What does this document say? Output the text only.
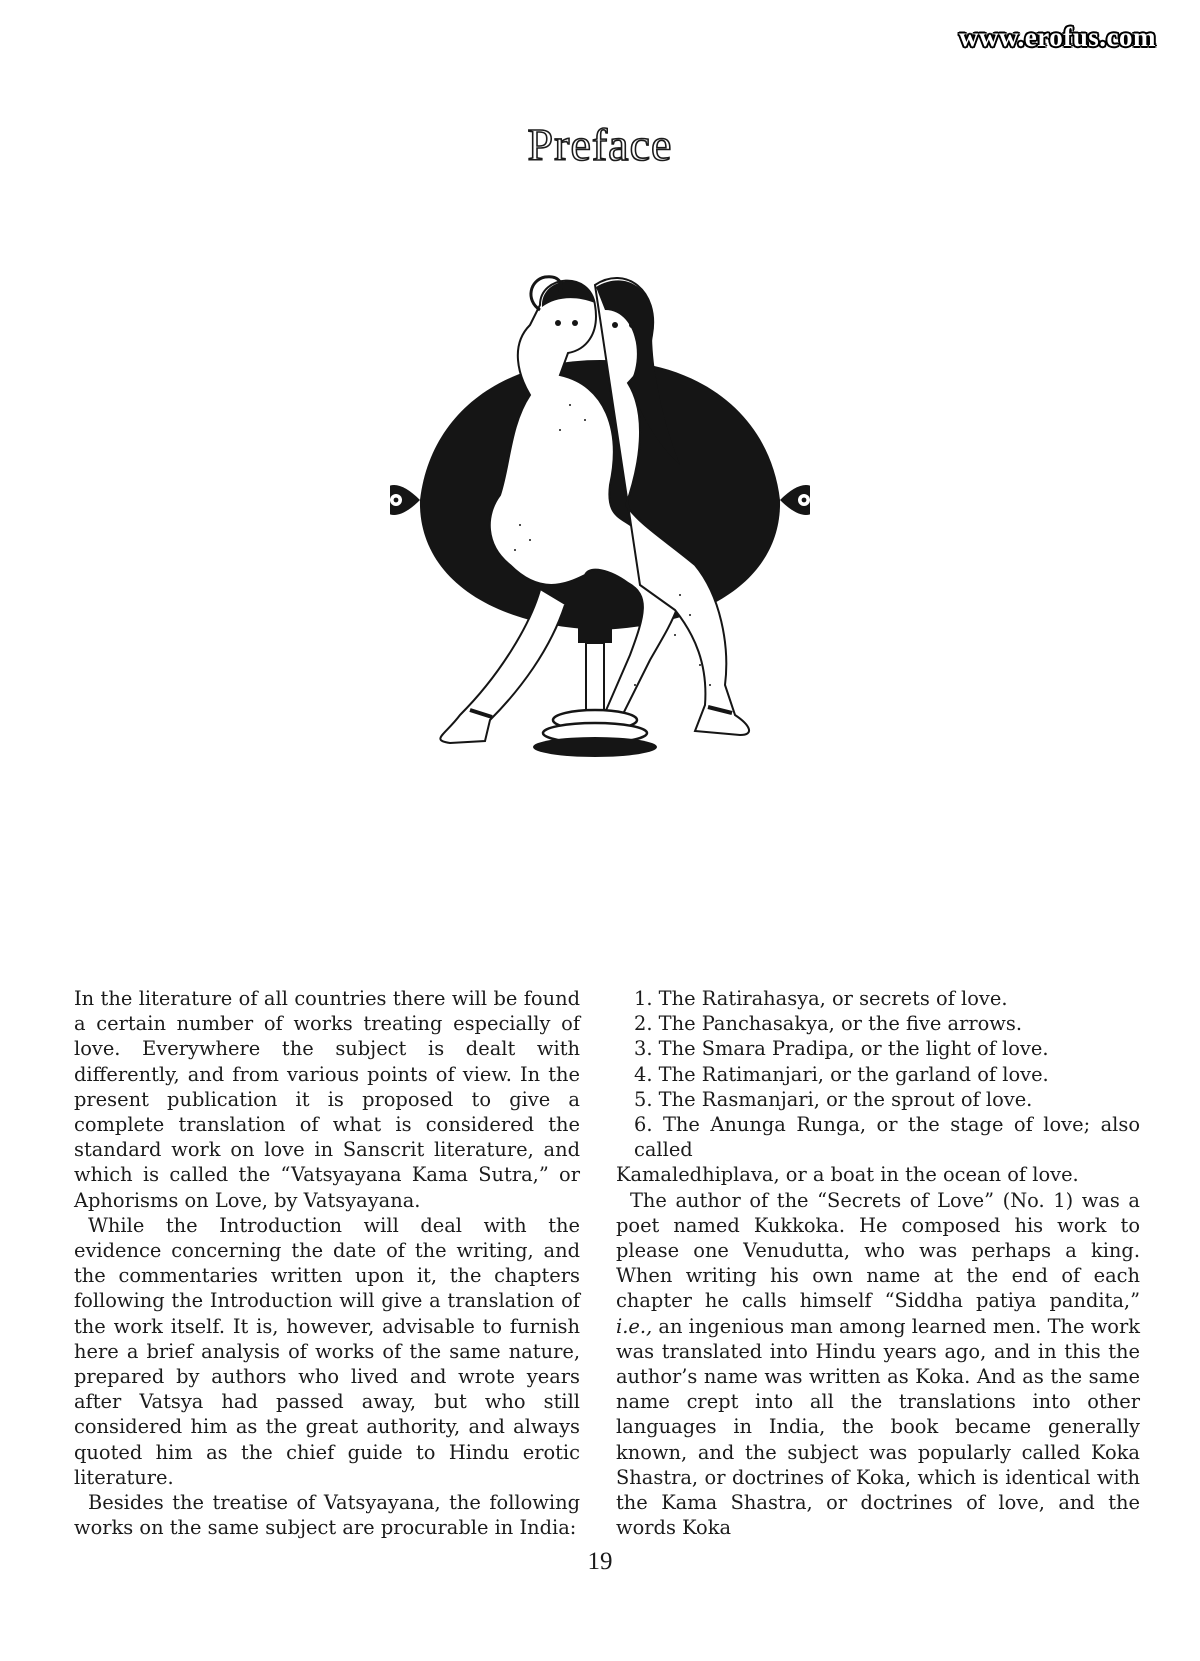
www.erofus.com
Preface

In the literature of all countries there will be found a certain number of works treating especially of love. Everywhere the subject is dealt with differently, and from various points of view. In the present publication it is proposed to give a complete translation of what is considered the standard work on love in Sanscrit literature, and which is called the “Vatsyayana Kama Sutra,” or Aphorisms on Love, by Vatsyayana.

While the Introduction will deal with the evidence concerning the date of the writing, and the commentaries written upon it, the chapters following the Introduction will give a translation of the work itself. It is, however, advisable to furnish here a brief analysis of works of the same nature, prepared by authors who lived and wrote years after Vatsya had passed away, but who still considered him as the great authority, and always quoted him as the chief guide to Hindu erotic literature.

Besides the treatise of Vatsyayana, the following works on the same subject are procurable in India:

1. The Ratirahasya, or secrets of love.
2. The Panchasakya, or the five arrows.
3. The Smara Pradipa, or the light of love.
4. The Ratimanjari, or the garland of love.
5. The Rasmanjari, or the sprout of love.
6. The Anunga Runga, or the stage of love; also called

Kamaledhiplava, or a boat in the ocean of love.

The author of the “Secrets of Love” (No. 1) was a poet named Kukkoka. He composed his work to please one Venudutta, who was perhaps a king. When writing his own name at the end of each chapter he calls himself “Siddha patiya pandita,” i.e., an ingenious man among learned men. The work was translated into Hindu years ago, and in this the author’s name was written as Koka. And as the same name crept into all the translations into other languages in India, the book became generally known, and the subject was popularly called Koka Shastra, or doctrines of Koka, which is identical with the Kama Shastra, or doctrines of love, and the words Koka

19
